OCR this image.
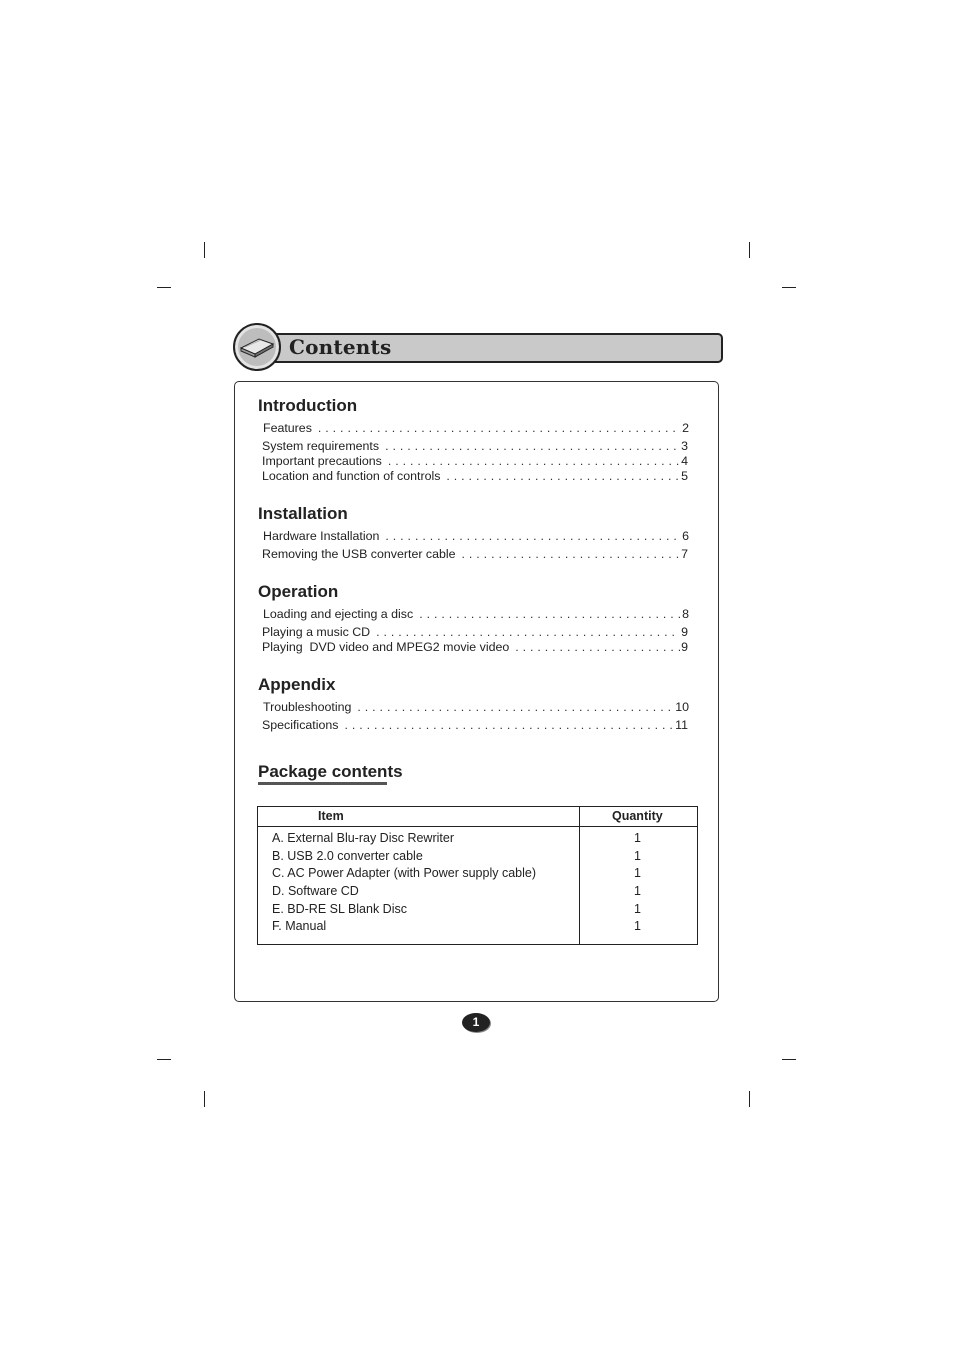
Contents
Introduction
Features . . .	2
System requirements . . .	3
Important precautions . . .	4
Location and function of controls . . .	5
Installation
Hardware Installation . . .	6
Removing the USB converter cable . . .	7
Operation
Loading and ejecting a disc . . .	8
Playing a music CD . . .	9
Playing  DVD video and MPEG2 movie video . . .	9
Appendix
Troubleshooting . . .	10
Specifications . . .	11
Package contents
Item	Quantity
A. External Blu-ray Disc Rewriter	1
B. USB 2.0 converter cable	1
C. AC Power Adapter (with Power supply cable)	1
D. Software CD	1
E. BD-RE SL Blank Disc	1
F. Manual	1
1
